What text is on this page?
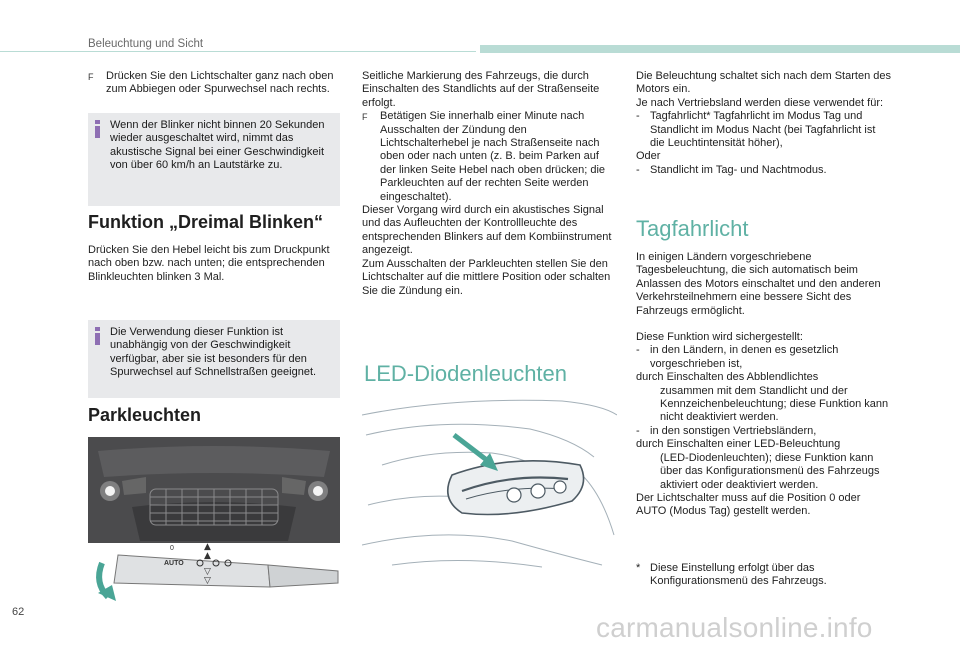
Beleuchtung und Sicht
F	Drücken Sie den Lichtschalter ganz nach oben zum Abbiegen oder Spurwechsel nach rechts.

Wenn der Blinker nicht binnen 20 Sekunden wieder ausgeschaltet wird, nimmt das akustische Signal bei einer Geschwindigkeit von über 60 km/h an Lautstärke zu.

Funktion „Dreimal Blinken“
Drücken Sie den Hebel leicht bis zum Druckpunkt nach oben bzw. nach unten; die entsprechenden Blinkleuchten blinken 3 Mal.

Die Verwendung dieser Funktion ist unabhängig von der Geschwindigkeit verfügbar, aber sie ist besonders für den Spurwechsel auf Schnellstraßen geeignet.

Parkleuchten
AUTO
0	▲
▲
▽
▽

Seitliche Markierung des Fahrzeugs, die durch Einschalten des Standlichts auf der Straßenseite erfolgt.

F	Betätigen Sie innerhalb einer Minute nach Ausschalten der Zündung den Lichtschalterhebel je nach Straßenseite nach oben oder nach unten (z. B. beim Parken auf der linken Seite Hebel nach oben drücken; die Parkleuchten auf der rechten Seite werden eingeschaltet).

Dieser Vorgang wird durch ein akustisches Signal und das Aufleuchten der Kontrollleuchte des entsprechenden Blinkers auf dem Kombiinstrument angezeigt.

Zum Ausschalten der Parkleuchten stellen Sie den Lichtschalter auf die mittlere Position oder schalten Sie die Zündung ein.

LED-Diodenleuchten

Die Beleuchtung schaltet sich nach dem Starten des Motors ein.

Je nach Vertriebsland werden diese verwendet für:

- Tagfahrlicht* Tagfahrlicht im Modus Tag und Standlicht im Modus Nacht (bei Tagfahrlicht ist die Leuchtintensität höher),

Oder

- Standlicht im Tag- und Nachtmodus.
Tagfahrlicht

In einigen Ländern vorgeschriebene Tagesbeleuchtung, die sich automatisch beim Anlassen des Motors einschaltet und den anderen Verkehrsteilnehmern eine bessere Sicht des Fahrzeugs ermöglicht.

Diese Funktion wird sichergestellt:

- in den Ländern, in denen es gesetzlich vorgeschrieben ist,

durch Einschalten des Abblendlichtes

zusammen mit dem Standlicht und der Kennzeichenbeleuchtung; diese Funktion kann nicht deaktiviert werden.

- in den sonstigen Vertriebsländern,

durch Einschalten einer LED-Beleuchtung

(LED-Diodenleuchten); diese Funktion kann über das Konfigurationsmenü des Fahrzeugs aktiviert oder deaktiviert werden.

Der Lichtschalter muss auf die Position 0 oder AUTO (Modus Tag) gestellt werden.

* Diese Einstellung erfolgt über das Konfigurationsmenü des Fahrzeugs.
62	carmanualsonline.info
